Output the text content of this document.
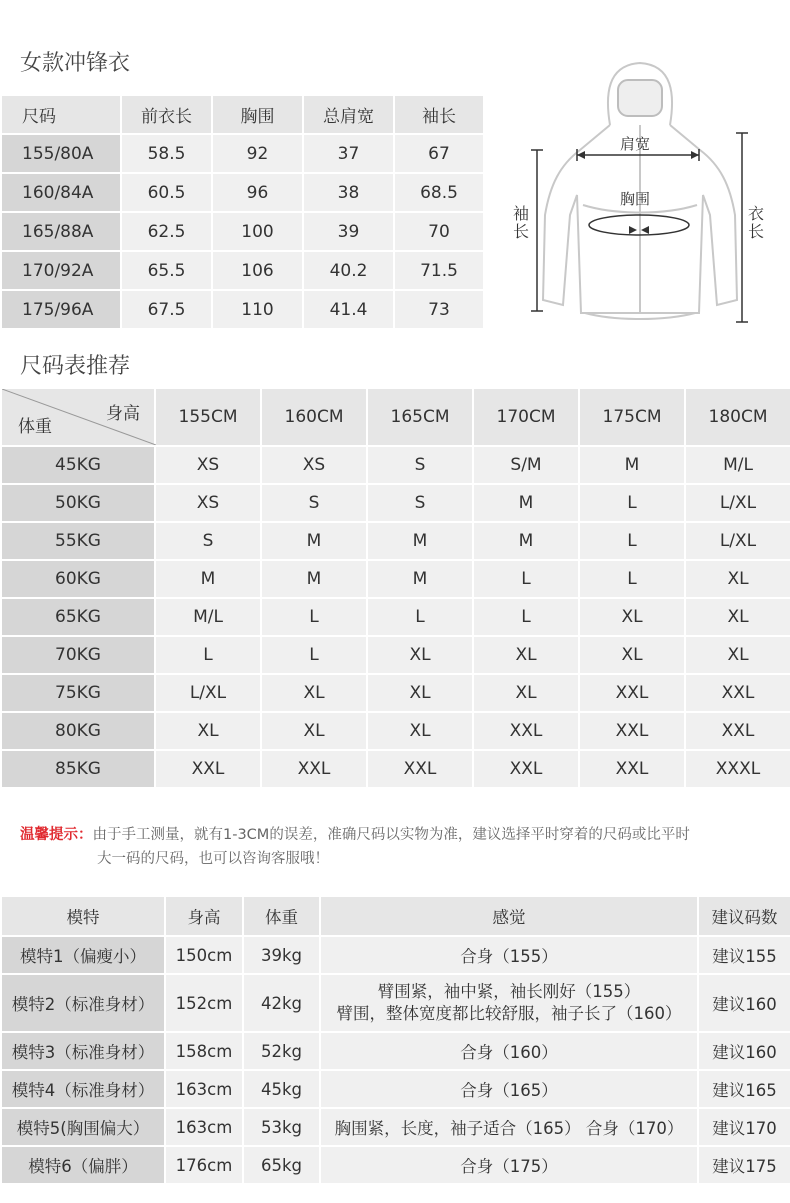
女款冲锋衣
尺码	前衣长	胸围	总肩宽	袖长
155/80A	58.5	92	37	67
160/84A	60.5	96	38	68.5
165/88A	62.5	100	39	70
170/92A	65.5	106	40.2	71.5
175/96A	67.5	110	41.4	73
肩宽
胸围
袖长
衣长
尺码表推荐
身高
体重	155CM	160CM	165CM	170CM	175CM	180CM
45KG	XS	XS	S	S/M	M	M/L
50KG	XS	S	S	M	L	L/XL
55KG	S	M	M	M	L	L/XL
60KG	M	M	M	L	L	XL
65KG	M/L	L	L	L	XL	XL
70KG	L	L	XL	XL	XL	XL
75KG	L/XL	XL	XL	XL	XXL	XXL
80KG	XL	XL	XL	XXL	XXL	XXL
85KG	XXL	XXL	XXL	XXL	XXL	XXXL
温馨提示：由于手工测量，就有1-3CM的误差，准确尺码以实物为准，建议选择平时穿着的尺码或比平时
大一码的尺码，也可以咨询客服哦！
模特	身高	体重	感觉	建议码数
模特1（偏瘦小）	150cm	39kg	合身（155）	建议155
模特2（标准身材）	152cm	42kg	臂围紧，袖中紧，袖长刚好（155）
臂围，整体宽度都比较舒服，袖子长了（160）	建议160
模特3（标准身材）	158cm	52kg	合身（160）	建议160
模特4（标准身材）	163cm	45kg	合身（165）	建议165
模特5(胸围偏大）	163cm	53kg	胸围紧，长度，袖子适合（165） 合身（170）	建议170
模特6（偏胖）	176cm	65kg	合身（175）	建议175
